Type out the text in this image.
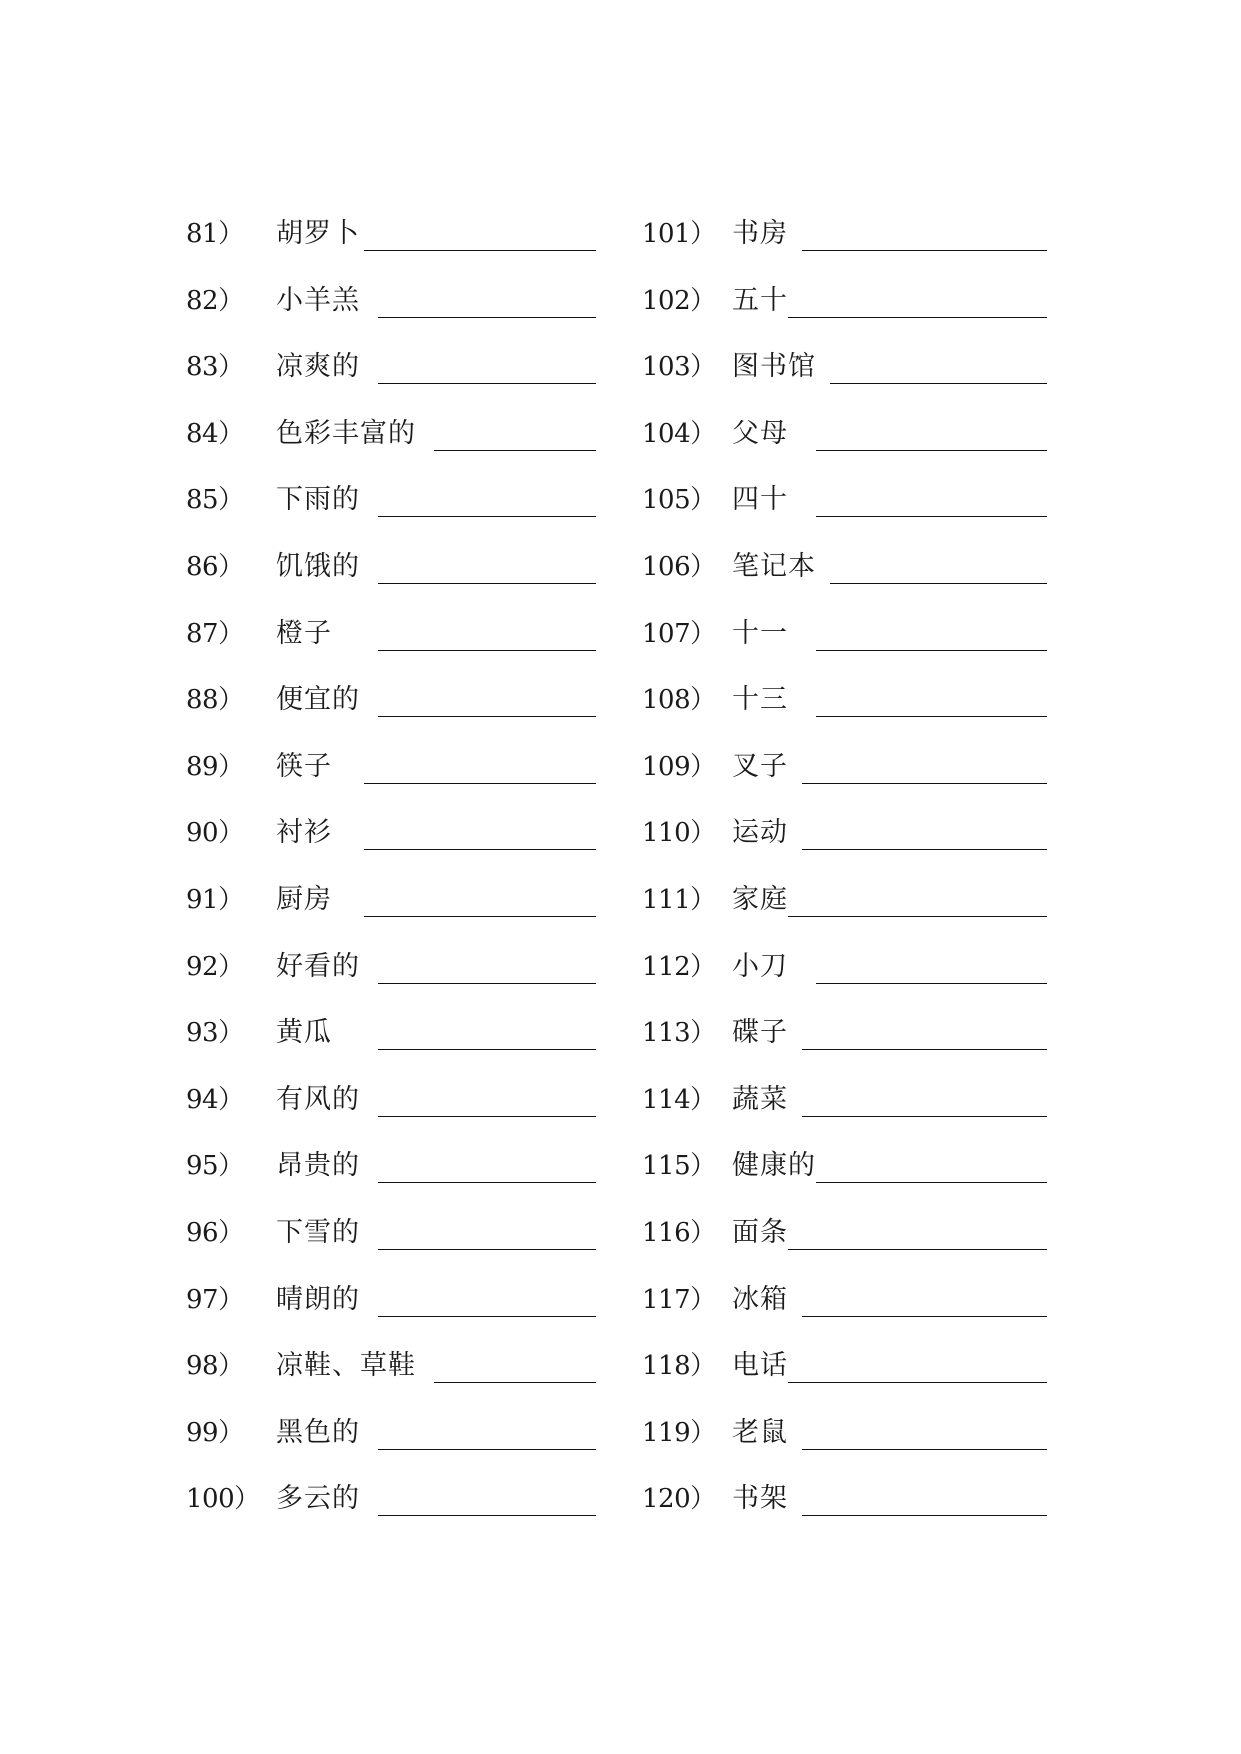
81） 胡罗卜
82） 小羊羔
83） 凉爽的
84） 色彩丰富的
85） 下雨的
86） 饥饿的
87） 橙子
88） 便宜的
89） 筷子
90） 衬衫
91） 厨房
92） 好看的
93） 黄瓜
94） 有风的
95） 昂贵的
96） 下雪的
97） 晴朗的
98） 凉鞋、草鞋
99） 黑色的
100） 多云的
101） 书房
102） 五十
103） 图书馆
104） 父母
105） 四十
106） 笔记本
107） 十一
108） 十三
109） 叉子
110） 运动
111） 家庭
112） 小刀
113） 碟子
114） 蔬菜
115） 健康的
116） 面条
117） 冰箱
118） 电话
119） 老鼠
120） 书架
